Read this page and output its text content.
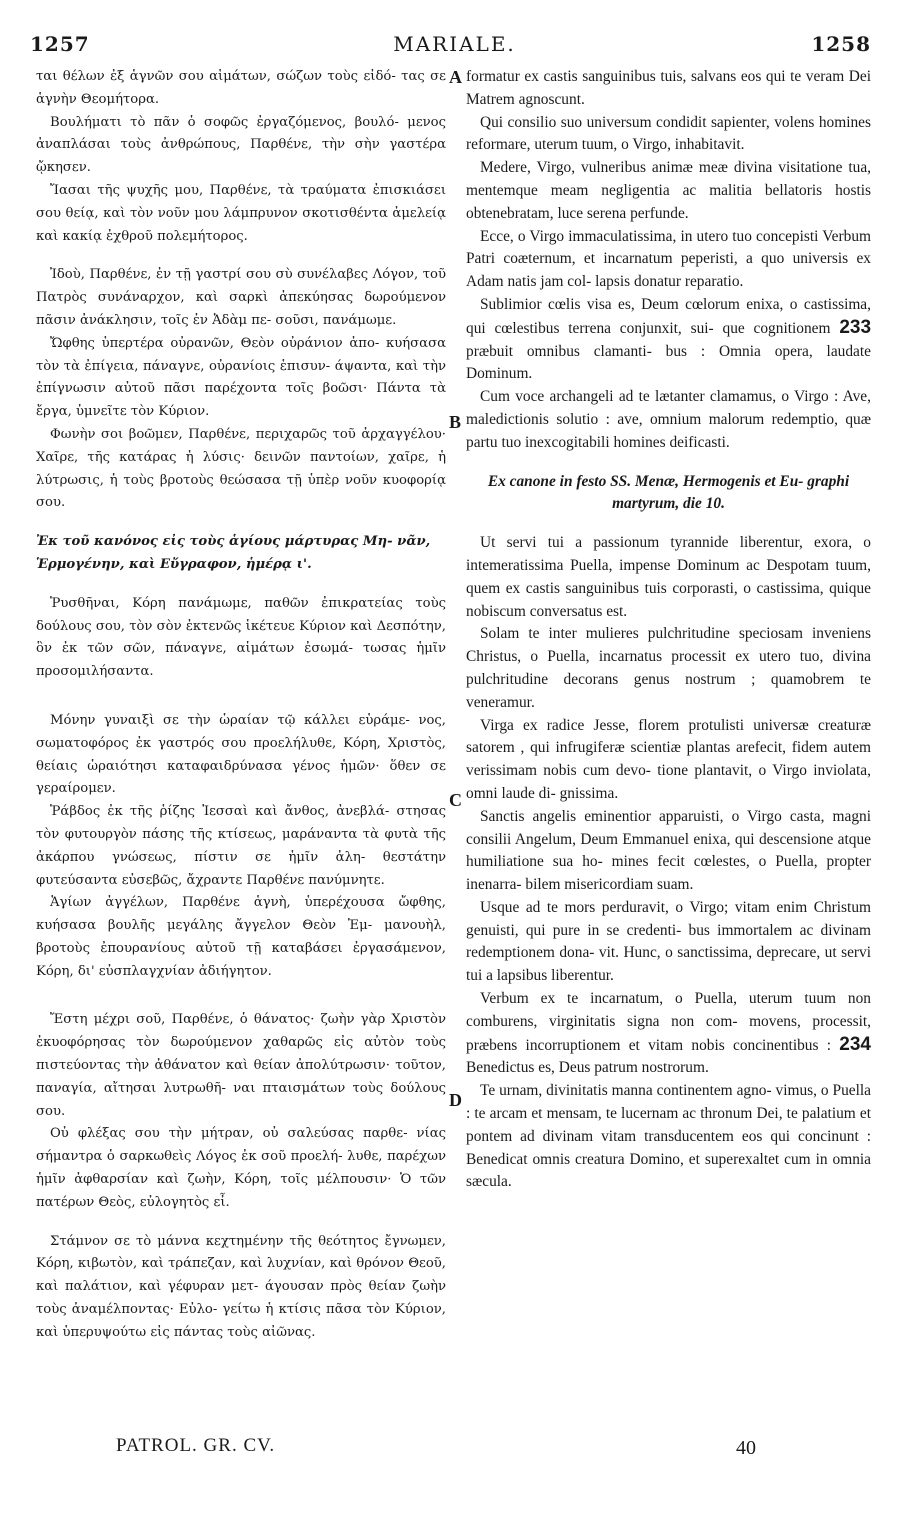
1257	MARIALE.	1258
A
B
C
D

ται θέλων ἐξ ἁγνῶν σου αἱμάτων, σώζων τοὺς εἰδό- τας σε ἁγνὴν Θεομήτορα.

Βουλήματι τὸ πᾶν ὁ σοφῶς ἐργαζόμενος, βουλό- μενος ἀναπλάσαι τοὺς ἀνθρώπους, Παρθένε, τὴν σὴν γαστέρα ᾤκησεν.

Ἴασαι τῆς ψυχῆς μου, Παρθένε, τὰ τραύματα ἐπισκιάσει σου θείᾳ, καὶ τὸν νοῦν μου λάμπρυνον σκοτισθέντα ἀμελείᾳ καὶ κακίᾳ ἐχθροῦ πολεμήτορος.

Ἰδοὺ, Παρθένε, ἐν τῇ γαστρί σου σὺ συνέλαβες Λόγον, τοῦ Πατρὸς συνάναρχον, καὶ σαρκὶ ἀπεκύησας δωρούμενον πᾶσιν ἀνάκλησιν, τοῖς ἐν Ἀδὰμ πε- σοῦσι, πανάμωμε.

Ὤφθης ὑπερτέρα οὐρανῶν, Θεὸν οὐράνιον ἀπο- κυήσασα τὸν τὰ ἐπίγεια, πάναγνε, οὐρανίοις ἑπισυν- άψαντα, καὶ τὴν ἐπίγνωσιν αὐτοῦ πᾶσι παρέχοντα τοῖς βοῶσι· Πάντα τὰ ἔργα, ὑμνεῖτε τὸν Κύριον.

Φωνὴν σοι βοῶμεν, Παρθένε, περιχαρῶς τοῦ ἀρχαγγέλου· Χαῖρε, τῆς κατάρας ἡ λύσις· δεινῶν παντοίων, χαῖρε, ἡ λύτρωσις, ἡ τοὺς βροτοὺς θεώσασα τῇ ὑπὲρ νοῦν κυοφορίᾳ σου.

Ἐκ τοῦ κανόνος εἰς τοὺς ἁγίους μάρτυρας Μη- νᾶν, Ἑρμογένην, καὶ Εὔγραφον, ἡμέρᾳ ι'.

Ῥυσθῆναι, Κόρη πανάμωμε, παθῶν ἐπικρατείας τοὺς δούλους σου, τὸν σὸν ἐκτενῶς ἱκέτευε Κύριον καὶ Δεσπότην, ὃν ἐκ τῶν σῶν, πάναγνε, αἱμάτων ἐσωμά- τωσας ἡμῖν προσομιλήσαντα.

Μόνην γυναιξὶ σε τὴν ὡραίαν τῷ κάλλει εὑράμε- νος, σωματοφόρος ἐκ γαστρός σου προελήλυθε, Κόρη, Χριστὸς, θείαις ὡραιότησι καταφαιδρύνασα γένος ἡμῶν· ὅθεν σε γεραίρομεν.

Ῥάβδος ἐκ τῆς ῥίζης Ἰεσσαὶ καὶ ἄνθος, ἀνεβλά- στησας τὸν φυτουργὸν πάσης τῆς κτίσεως, μαράναντα τὰ φυτὰ τῆς ἀκάρπου γνώσεως, πίστιν σε ἡμῖν ἀλη- θεστάτην φυτεύσαντα εὐσεβῶς, ἄχραντε Παρθένε πανύμνητε.

Ἁγίων ἀγγέλων, Παρθένε ἁγνὴ, ὑπερέχουσα ὤφθης, κυήσασα βουλῆς μεγάλης ἄγγελον Θεὸν Ἐμ- μανουὴλ, βροτοὺς ἐπουρανίους αὐτοῦ τῇ καταβάσει ἐργασάμενον, Κόρη, δι' εὐσπλαγχνίαν ἀδιήγητον.

Ἔστη μέχρι σοῦ, Παρθένε, ὁ θάνατος· ζωὴν γὰρ Χριστὸν ἐκυοφόρησας τὸν δωρούμενον χαθαρῶς εἰς αὐτὸν τοὺς πιστεύοντας τὴν ἀθάνατον καὶ θείαν ἀπολύτρωσιν· τοῦτον, παναγία, αἴτησαι λυτρωθῆ- ναι πταισμάτων τοὺς δούλους σου.

Οὐ φλέξας σου τὴν μήτραν, οὐ σαλεύσας παρθε- νίας σήμαντρα ὁ σαρκωθεὶς Λόγος ἐκ σοῦ προελή- λυθε, παρέχων ἡμῖν ἀφθαρσίαν καὶ ζωὴν, Κόρη, τοῖς μέλπουσιν· Ὁ τῶν πατέρων Θεὸς, εὐλογητὸς εἶ.

Στάμνον σε τὸ μάννα κεχτημένην τῆς θεότητος ἔγνωμεν, Κόρη, κιβωτὸν, καὶ τράπεζαν, καὶ λυχνίαν, καὶ θρόνον Θεοῦ, καὶ παλάτιον, καὶ γέφυραν μετ- άγουσαν πρὸς θείαν ζωὴν τοὺς ἀναμέλποντας· Εὐλο- γείτω ἡ κτίσις πᾶσα τὸν Κύριον, καὶ ὑπερυψούτω εἰς πάντας τοὺς αἰῶνας.

formatur ex castis sanguinibus tuis, salvans eos qui te veram Dei Matrem agnoscunt.

Qui consilio suo universum condidit sapienter, volens homines reformare, uterum tuum, o Virgo, inhabitavit.

Medere, Virgo, vulneribus animæ meæ divina visitatione tua, mentemque meam negligentia ac malitia bellatoris hostis obtenebratam, luce serena perfunde.

Ecce, o Virgo immaculatissima, in utero tuo concepisti Verbum Patri coæternum, et incarnatum peperisti, a quo universis ex Adam natis jam col- lapsis donatur reparatio.

Sublimior cœlis visa es, Deum cœlorum enixa, o castissima, qui cœlestibus terrena conjunxit, sui- que cognitionem 233 præbuit omnibus clamanti- bus : Omnia opera, laudate Dominum.

Cum voce archangeli ad te lætanter clamamus, o Virgo : Ave, maledictionis solutio : ave, omnium malorum redemptio, quæ partu tuo inexcogitabili homines deificasti.

Ex canone in festo SS. Menæ, Hermogenis et Eu- graphi martyrum, die 10.

Ut servi tui a passionum tyrannide liberentur, exora, o intemeratissima Puella, impense Dominum ac Despotam tuum, quem ex castis sanguinibus tuis corporasti, o castissima, quique nobiscum conversatus est.

Solam te inter mulieres pulchritudine speciosam inveniens Christus, o Puella, incarnatus processit ex utero tuo, divina pulchritudine decorans genus nostrum ; quamobrem te veneramur.

Virga ex radice Jesse, florem protulisti universæ creaturæ satorem , qui infrugiferæ scientiæ plantas arefecit, fidem autem verissimam nobis cum devo- tione plantavit, o Virgo inviolata, omni laude di- gnissima.

Sanctis angelis eminentior apparuisti, o Virgo casta, magni consilii Angelum, Deum Emmanuel enixa, qui descensione atque humiliatione sua ho- mines fecit cœlestes, o Puella, propter inenarra- bilem misericordiam suam.

Usque ad te mors perduravit, o Virgo; vitam enim Christum genuisti, qui pure in se credenti- bus immortalem ac divinam redemptionem dona- vit. Hunc, o sanctissima, deprecare, ut servi tui a lapsibus liberentur.

Verbum ex te incarnatum, o Puella, uterum tuum non comburens, virginitatis signa non com- movens, processit, præbens incorruptionem et vitam nobis concinentibus : 234 Benedictus es, Deus patrum nostrorum.

Te urnam, divinitatis manna continentem agno- vimus, o Puella : te arcam et mensam, te lucernam ac thronum Dei, te palatium et pontem ad divinam vitam transducentem eos qui concinunt : Benedicat omnis creatura Domino, et superexaltet cum in omnia sæcula.

PATROL. GR. CV.	40
